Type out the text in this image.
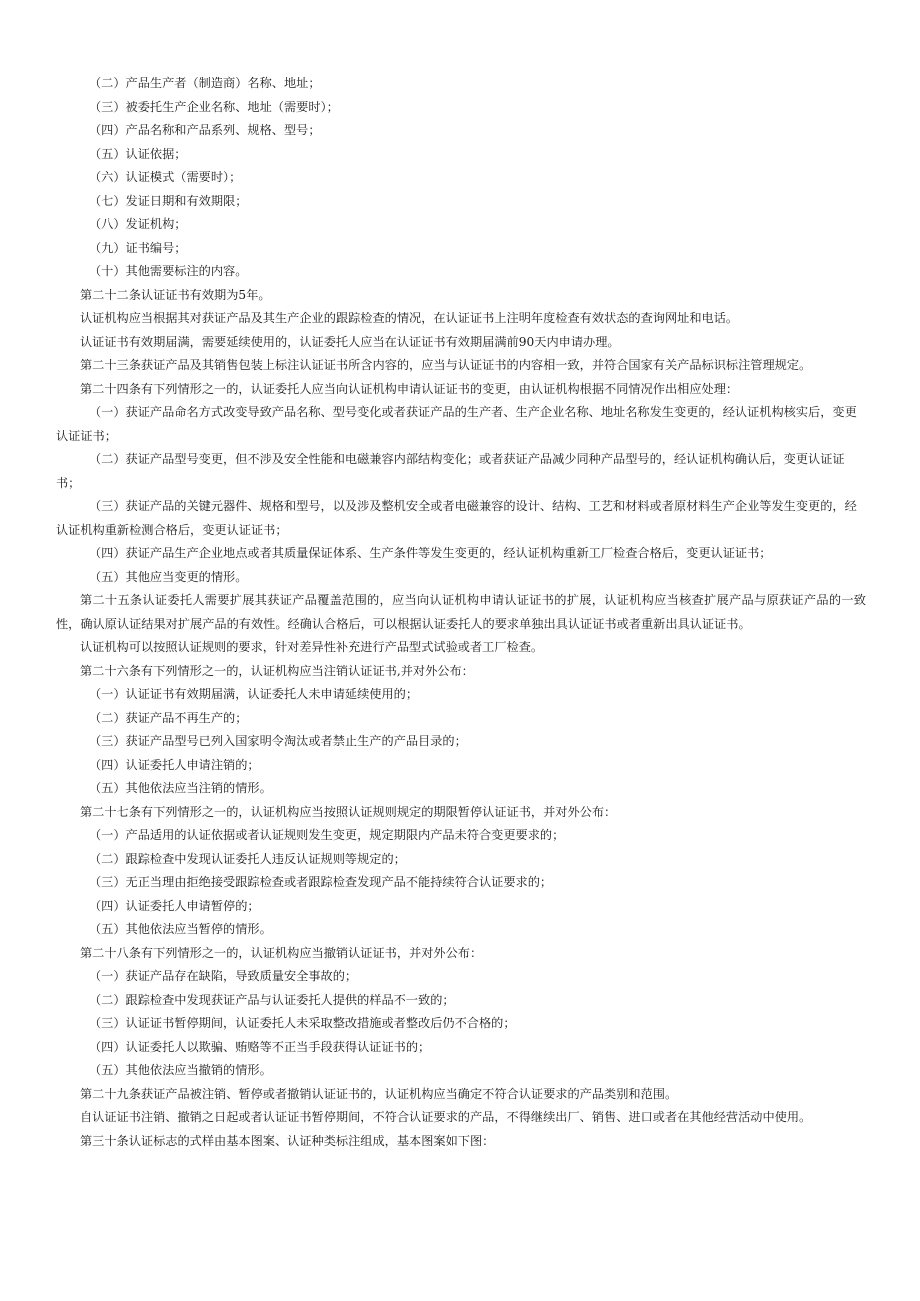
（二）产品生产者（制造商）名称、地址；
（三）被委托生产企业名称、地址（需要时）；
（四）产品名称和产品系列、规格、型号；
（五）认证依据；
（六）认证模式（需要时）；
（七）发证日期和有效期限；
（八）发证机构；
（九）证书编号；
（十）其他需要标注的内容。
第二十二条认证证书有效期为5年。
认证机构应当根据其对获证产品及其生产企业的跟踪检查的情况，在认证证书上注明年度检查有效状态的查询网址和电话。
认证证书有效期届满，需要延续使用的，认证委托人应当在认证证书有效期届满前90天内申请办理。
第二十三条获证产品及其销售包装上标注认证证书所含内容的，应当与认证证书的内容相一致，并符合国家有关产品标识标注管理规定。
第二十四条有下列情形之一的，认证委托人应当向认证机构申请认证证书的变更，由认证机构根据不同情况作出相应处理：

（一）获证产品命名方式改变导致产品名称、型号变化或者获证产品的生产者、生产企业名称、地址名称发生变更的，经认证机构核实后，变更认证证书；

（二）获证产品型号变更，但不涉及安全性能和电磁兼容内部结构变化；或者获证产品减少同种产品型号的，经认证机构确认后，变更认证证书；

（三）获证产品的关键元器件、规格和型号，以及涉及整机安全或者电磁兼容的设计、结构、工艺和材料或者原材料生产企业等发生变更的，经认证机构重新检测合格后，变更认证证书；

（四）获证产品生产企业地点或者其质量保证体系、生产条件等发生变更的，经认证机构重新工厂检查合格后，变更认证证书；
（五）其他应当变更的情形。

第二十五条认证委托人需要扩展其获证产品覆盖范围的，应当向认证机构申请认证证书的扩展，认证机构应当核查扩展产品与原获证产品的一致性，确认原认证结果对扩展产品的有效性。经确认合格后，可以根据认证委托人的要求单独出具认证证书或者重新出具认证证书。

认证机构可以按照认证规则的要求，针对差异性补充进行产品型式试验或者工厂检查。
第二十六条有下列情形之一的，认证机构应当注销认证证书,并对外公布：
（一）认证证书有效期届满，认证委托人未申请延续使用的；
（二）获证产品不再生产的；
（三）获证产品型号已列入国家明令淘汰或者禁止生产的产品目录的；
（四）认证委托人申请注销的；
（五）其他依法应当注销的情形。
第二十七条有下列情形之一的，认证机构应当按照认证规则规定的期限暂停认证证书，并对外公布：
（一）产品适用的认证依据或者认证规则发生变更，规定期限内产品未符合变更要求的；
（二）跟踪检查中发现认证委托人违反认证规则等规定的；
（三）无正当理由拒绝接受跟踪检查或者跟踪检查发现产品不能持续符合认证要求的；
（四）认证委托人申请暂停的；
（五）其他依法应当暂停的情形。
第二十八条有下列情形之一的，认证机构应当撤销认证证书，并对外公布：
（一）获证产品存在缺陷，导致质量安全事故的；
（二）跟踪检查中发现获证产品与认证委托人提供的样品不一致的；
（三）认证证书暂停期间，认证委托人未采取整改措施或者整改后仍不合格的；
（四）认证委托人以欺骗、贿赂等不正当手段获得认证证书的；
（五）其他依法应当撤销的情形。
第二十九条获证产品被注销、暂停或者撤销认证证书的，认证机构应当确定不符合认证要求的产品类别和范围。

自认证证书注销、撤销之日起或者认证证书暂停期间，不符合认证要求的产品，不得继续出厂、销售、进口或者在其他经营活动中使用。

第三十条认证标志的式样由基本图案、认证种类标注组成，基本图案如下图：
